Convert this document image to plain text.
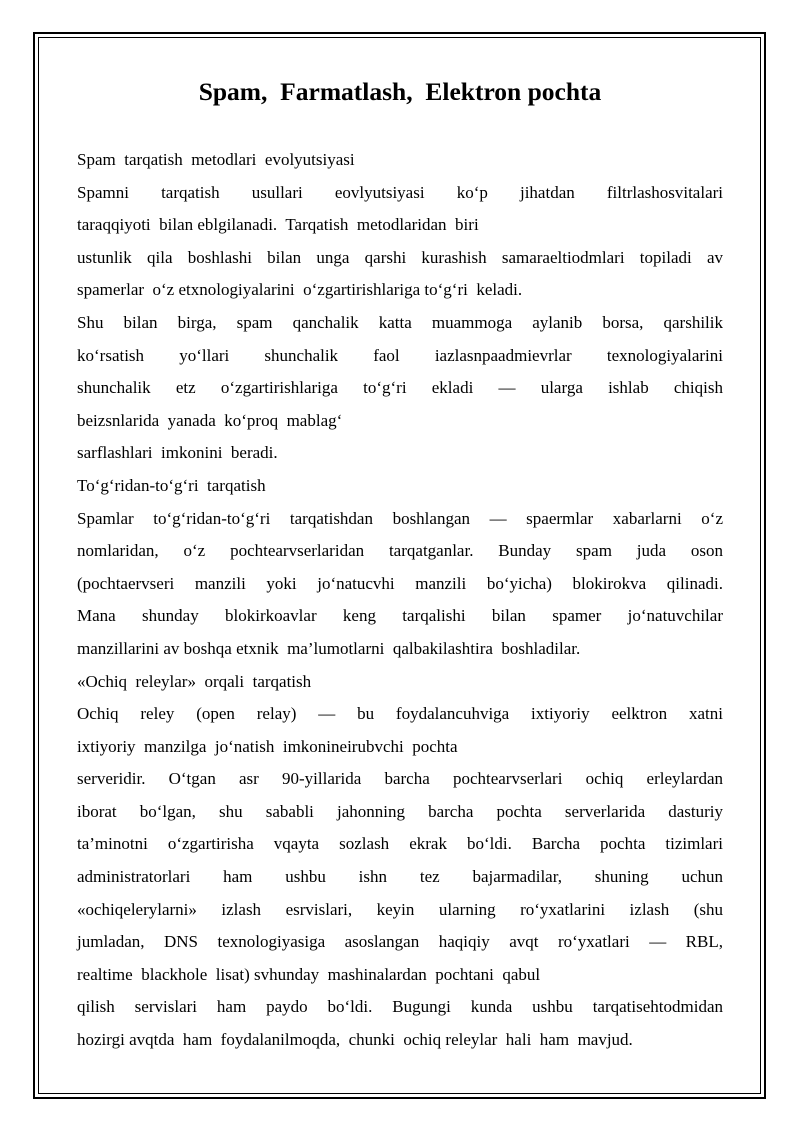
Spam,  Farmatlash,  Elektron pochta
Spam  tarqatish  metodlari  evolyutsiyasi
Spamni tarqatish usullari eovlyutsiyasi ko‘p jihatdan filtrlashosvitalari
taraqqiyoti  bilan eblgilanadi.  Tarqatish  metodlaridan  biri
ustunlik qila boshlashi bilan unga qarshi kurashish samaraeltiodmlari topiladi av
spamerlar  o‘z etxnologiyalarini  o‘zgartirishlariga to‘g‘ri  keladi.
Shu bilan birga, spam qanchalik katta muammoga aylanib borsa, qarshilik
ko‘rsatish yo‘llari shunchalik faol iazlasnpaadmievrlar texnologiyalarini
shunchalik etz o‘zgartirishlariga to‘g‘ri ekladi — ularga ishlab chiqish
beizsnlarida  yanada  ko‘proq  mablag‘
sarflashlari  imkonini  beradi.
To‘g‘ridan-to‘g‘ri  tarqatish
Spamlar to‘g‘ridan-to‘g‘ri tarqatishdan boshlangan — spaermlar xabarlarni o‘z
nomlaridan, o‘z pochtearvserlaridan tarqatganlar. Bunday spam juda oson
(pochtaervseri manzili yoki jo‘natucvhi manzili bo‘yicha) blokirokva qilinadi.
Mana shunday blokirkoavlar keng tarqalishi bilan spamer jo‘natuvchilar
manzillarini av boshqa etxnik  ma’lumotlarni  qalbakilashtira  boshladilar.
«Ochiq  releylar»  orqali  tarqatish
Ochiq reley (open relay) — bu foydalancuhviga ixtiyoriy eelktron xatni
ixtiyoriy  manzilga  jo‘natish  imkonineirubvchi  pochta
serveridir. O‘tgan asr 90-yillarida barcha pochtearvserlari ochiq erleylardan
iborat bo‘lgan, shu sababli jahonning barcha pochta serverlarida dasturiy
ta’minotni o‘zgartirisha vqayta sozlash ekrak bo‘ldi. Barcha pochta tizimlari
administratorlari ham ushbu ishn tez bajarmadilar, shuning uchun
«ochiqelerylarni» izlash esrvislari, keyin ularning ro‘yxatlarini izlash (shu
jumladan, DNS texnologiyasiga asoslangan haqiqiy avqt ro‘yxatlari — RBL,
realtime  blackhole  lisat) svhunday  mashinalardan  pochtani  qabul
qilish servislari ham paydo bo‘ldi. Bugungi kunda ushbu tarqatisehtodmidan
hozirgi avqtda  ham  foydalanilmoqda,  chunki  ochiq releylar  hali  ham  mavjud.
